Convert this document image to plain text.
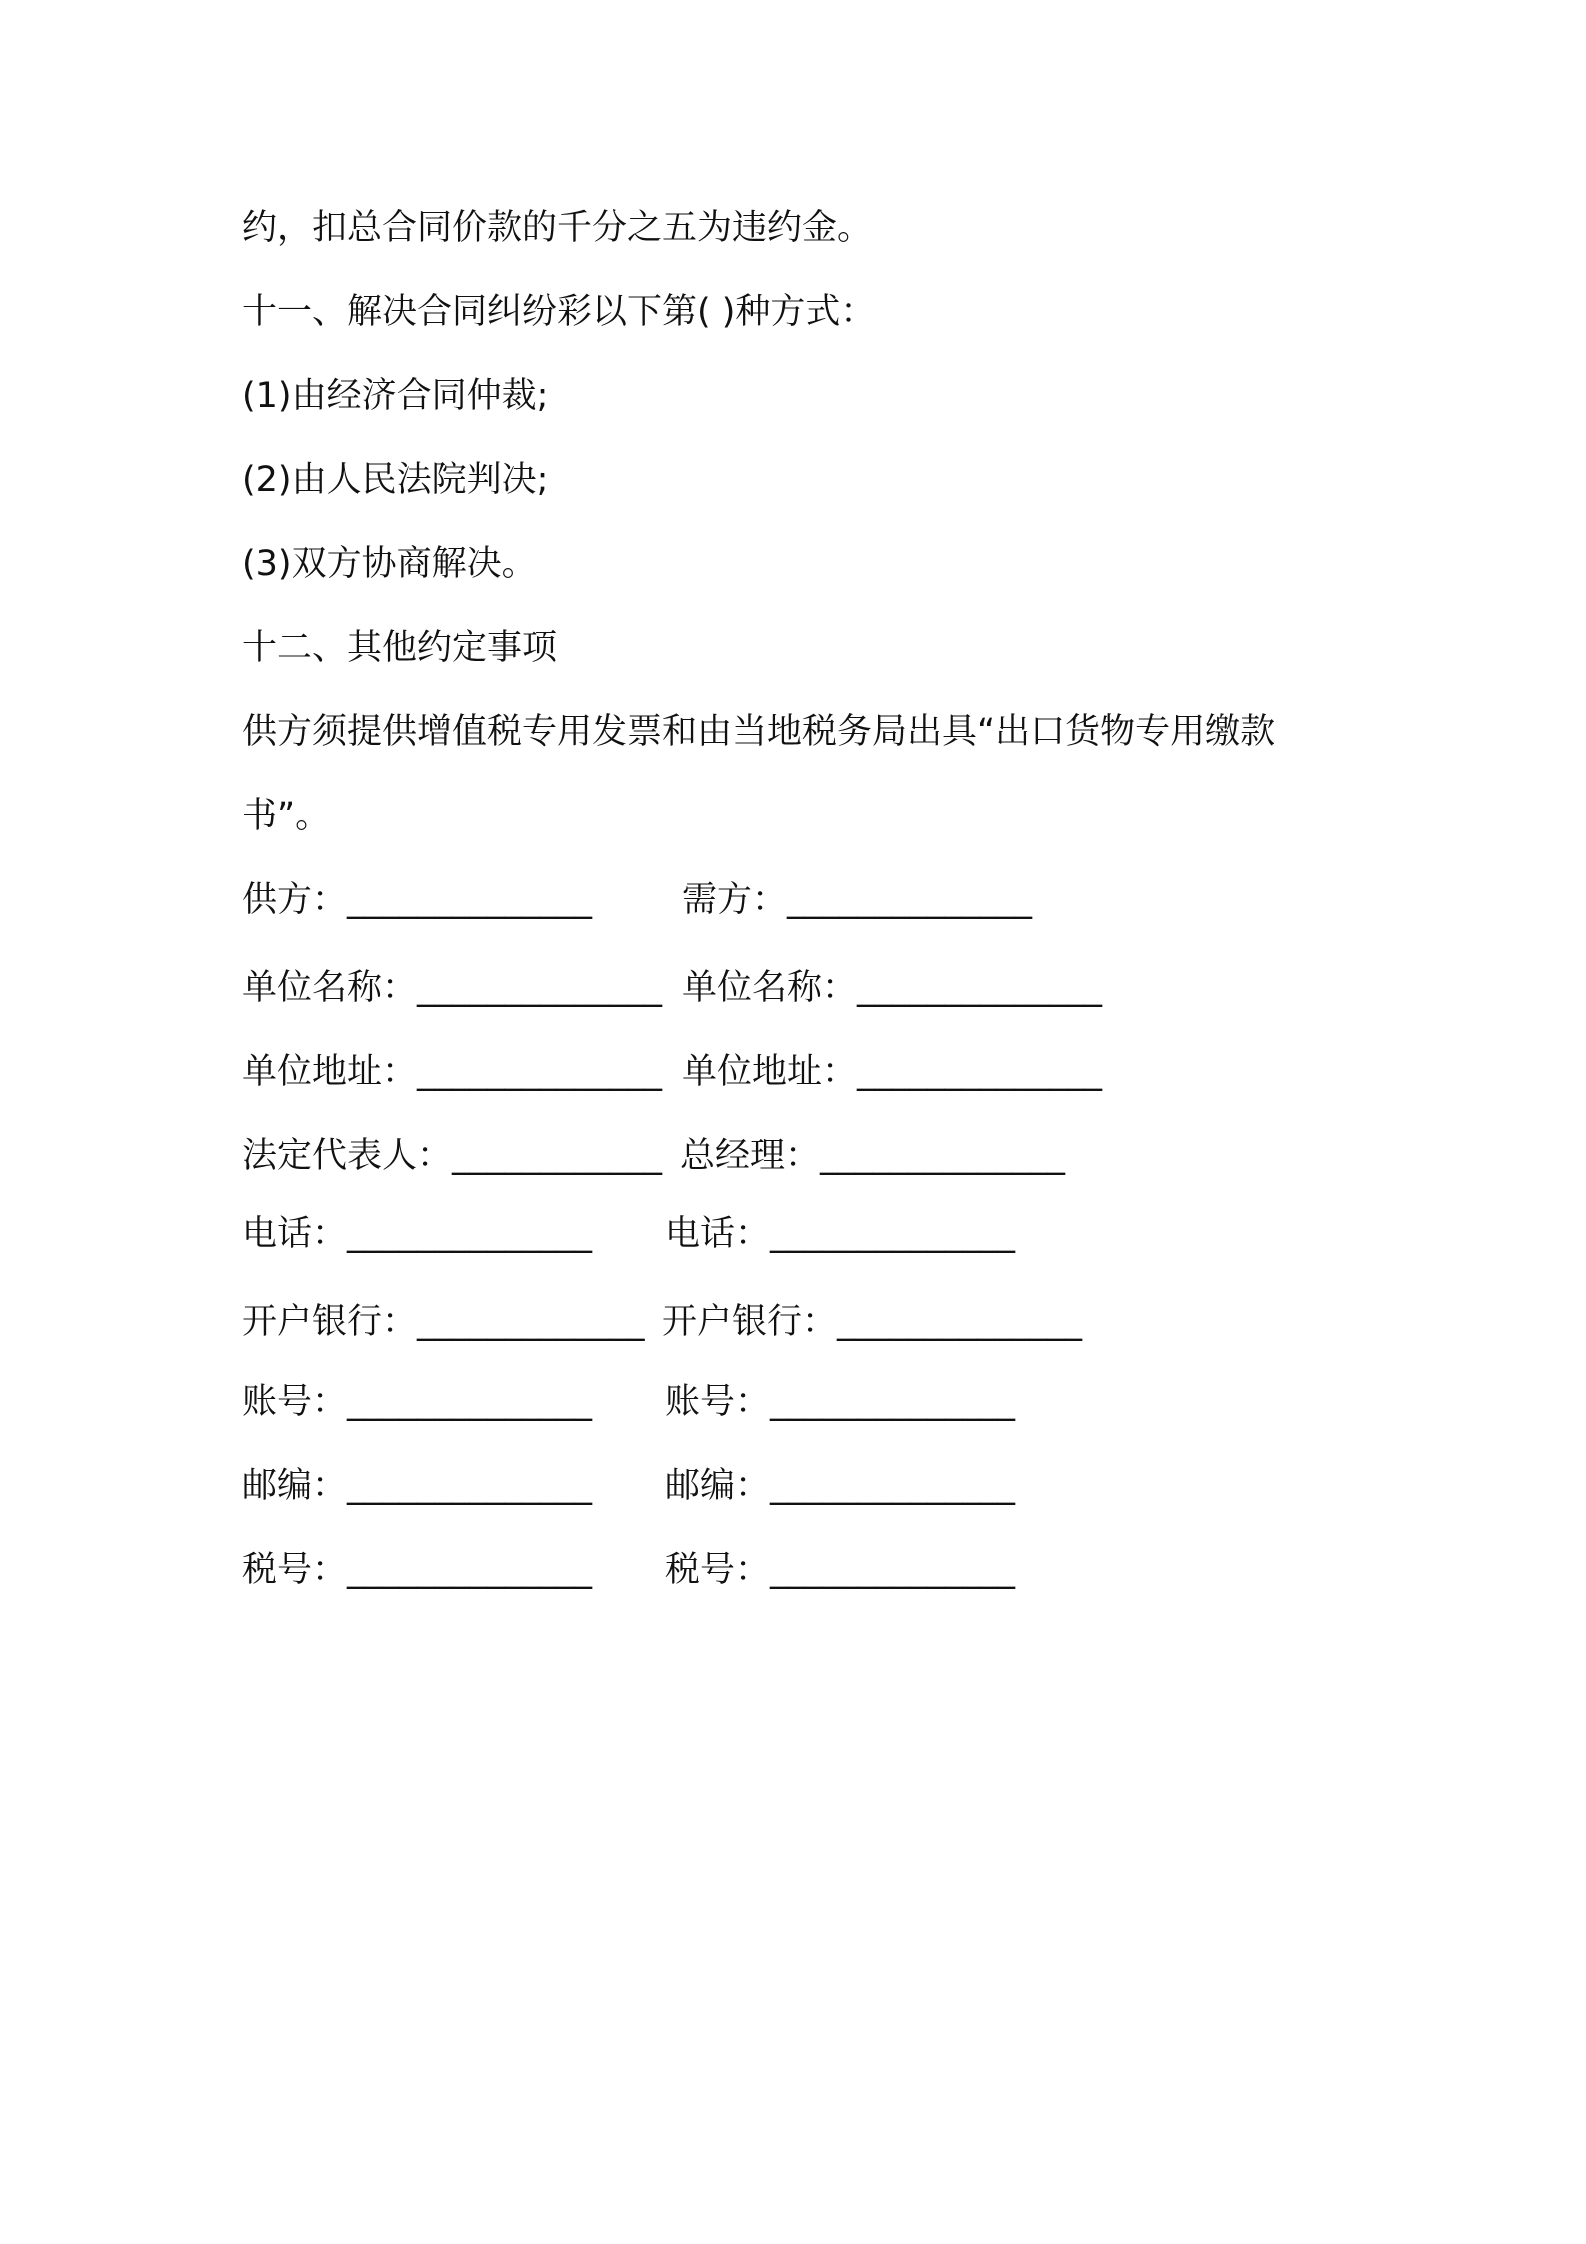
约，扣总合同价款的千分之五为违约金。
十一、解决合同纠纷彩以下第( )种方式：
(1)由经济合同仲裁;
(2)由人民法院判决;
(3)双方协商解决。
十二、其他约定事项
供方须提供增值税专用发票和由当地税务局出具“出口货物专用缴款
书”。
供方：______________	需方：______________
单位名称：______________ 单位名称：______________
单位地址：______________ 单位地址：______________
法定代表人：____________ 总经理：______________
电话：______________ 电话：______________
开户银行：_____________ 开户银行：______________
账号：______________ 账号：______________
邮编：______________ 邮编：______________
税号：______________ 税号：______________
